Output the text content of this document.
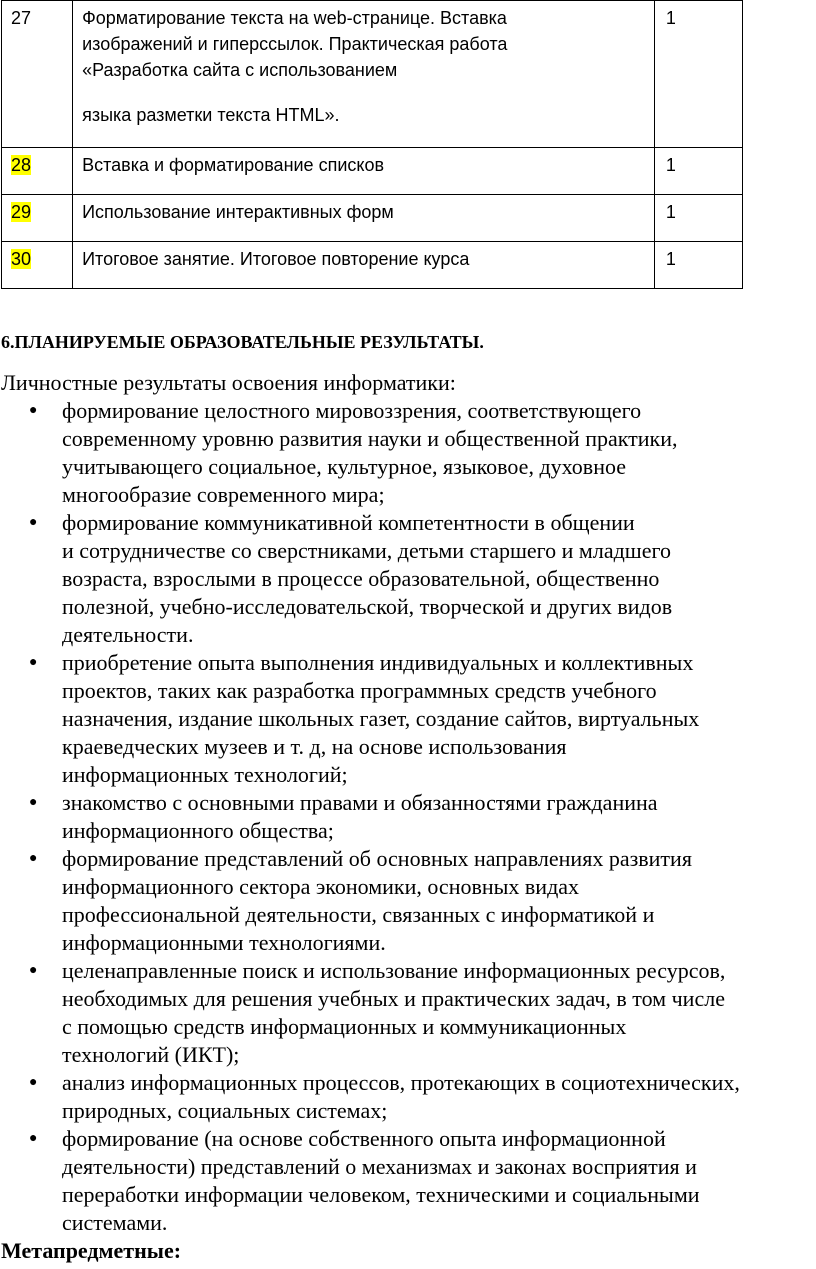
27	Форматирование текста на web-странице. Вставка
изображений и гиперссылок. Практическая работа
«Разработка сайта с использованием
языка разметки текста HTML».	1
28	Вставка и форматирование списков	1
29	Использование интерактивных форм	1
30	Итоговое занятие. Итоговое повторение курса	1

6.ПЛАНИРУЕМЫЕ ОБРАЗОВАТЕЛЬНЫЕ РЕЗУЛЬТАТЫ.

Личностные результаты освоения информатики:

● формирование целостного мировоззрения, соответствующего
современному уровню развития науки и общественной практики,
учитывающего социальное, культурное, языковое, духовное
многообразие современного мира;
● формирование коммуникативной компетентности в общении
и сотрудничестве со сверстниками, детьми старшего и младшего
возраста, взрослыми в процессе образовательной, общественно
полезной, учебно-исследовательской, творческой и других видов
деятельности.
● приобретение опыта выполнения индивидуальных и коллективных
проектов, таких как разработка программных средств учебного
назначения, издание школьных газет, создание сайтов, виртуальных
краеведческих музеев и т. д, на основе использования
информационных технологий;
● знакомство с основными правами и обязанностями гражданина
информационного общества;
● формирование представлений об основных направлениях развития
информационного сектора экономики, основных видах
профессиональной деятельности, связанных с информатикой и
информационными технологиями.
● целенаправленные поиск и использование информационных ресурсов,
необходимых для решения учебных и практических задач, в том числе
с помощью средств информационных и коммуникационных
технологий (ИКТ);
● анализ информационных процессов, протекающих в социотехнических,
природных, социальных системах;
● формирование (на основе собственного опыта информационной
деятельности) представлений о механизмах и законах восприятия и
переработки информации человеком, техническими и социальными
системами.

Метапредметные:
